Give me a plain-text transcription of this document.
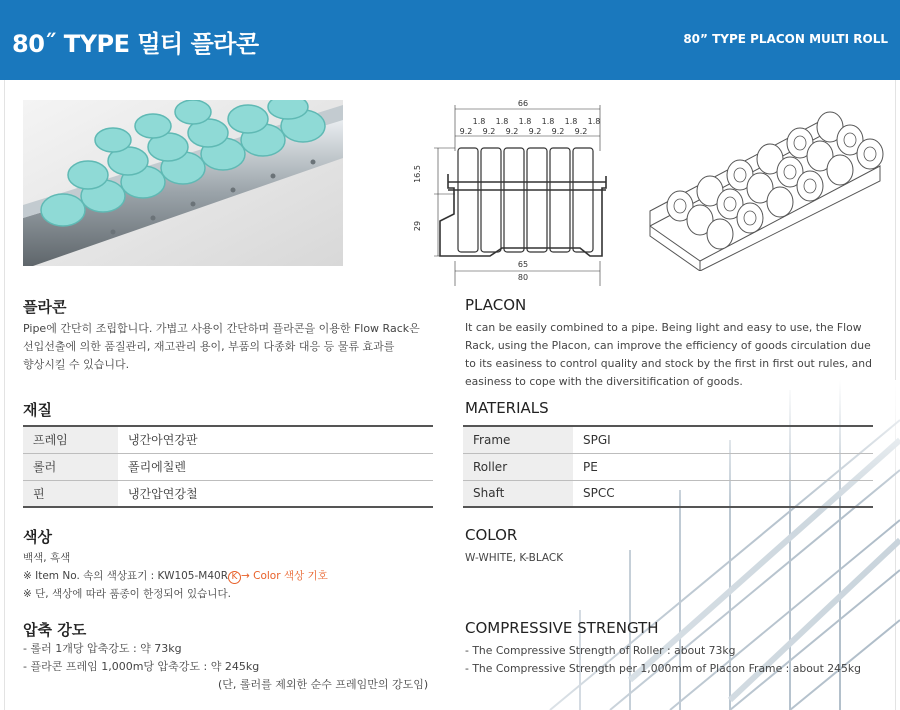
80˝ TYPE 멀티 플라콘	80” TYPE PLACON MULTI ROLL
66
1.8 1.8 1.8 1.8 1.8 1.8
9.2 9.2 9.2 9.2 9.2 9.2
16.5
29
65
80
플라콘
Pipe에 간단히 조립합니다. 가볍고 사용이 간단하며 플라콘을 이용한 Flow Rack은
선입선출에 의한 품질관리, 재고관리 용이, 부품의 다종화 대응 등 물류 효과를
향상시킬 수 있습니다.
재질
프레임	냉간아연강판
롤러	폴리에칠렌
핀	냉간압연강철
색상
백색, 흑색
※ Item No. 속의 색상표기 : KW105-M40R K → Color 색상 기호
※ 단, 색상에 따라 품종이 한정되어 있습니다.
압축 강도
- 롤러 1개당 압축강도 : 약 73kg
- 플라콘 프레임 1,000m당 압축강도 : 약 245kg
(단, 롤러를 제외한 순수 프레임만의 강도임)
PLACON
It can be easily combined to a pipe. Being light and easy to use, the Flow
Rack, using the Placon, can improve the efficiency of goods circulation due
to its easiness to control quality and stock by the first in first out rules, and
easiness to cope with the diversitification of goods.
MATERIALS
Frame	SPGI
Roller	PE
Shaft	SPCC
COLOR
W-WHITE, K-BLACK
COMPRESSIVE STRENGTH
- The Compressive Strength of Roller : about 73kg
- The Compressive Strength per 1,000mm of Placon Frame : about 245kg
